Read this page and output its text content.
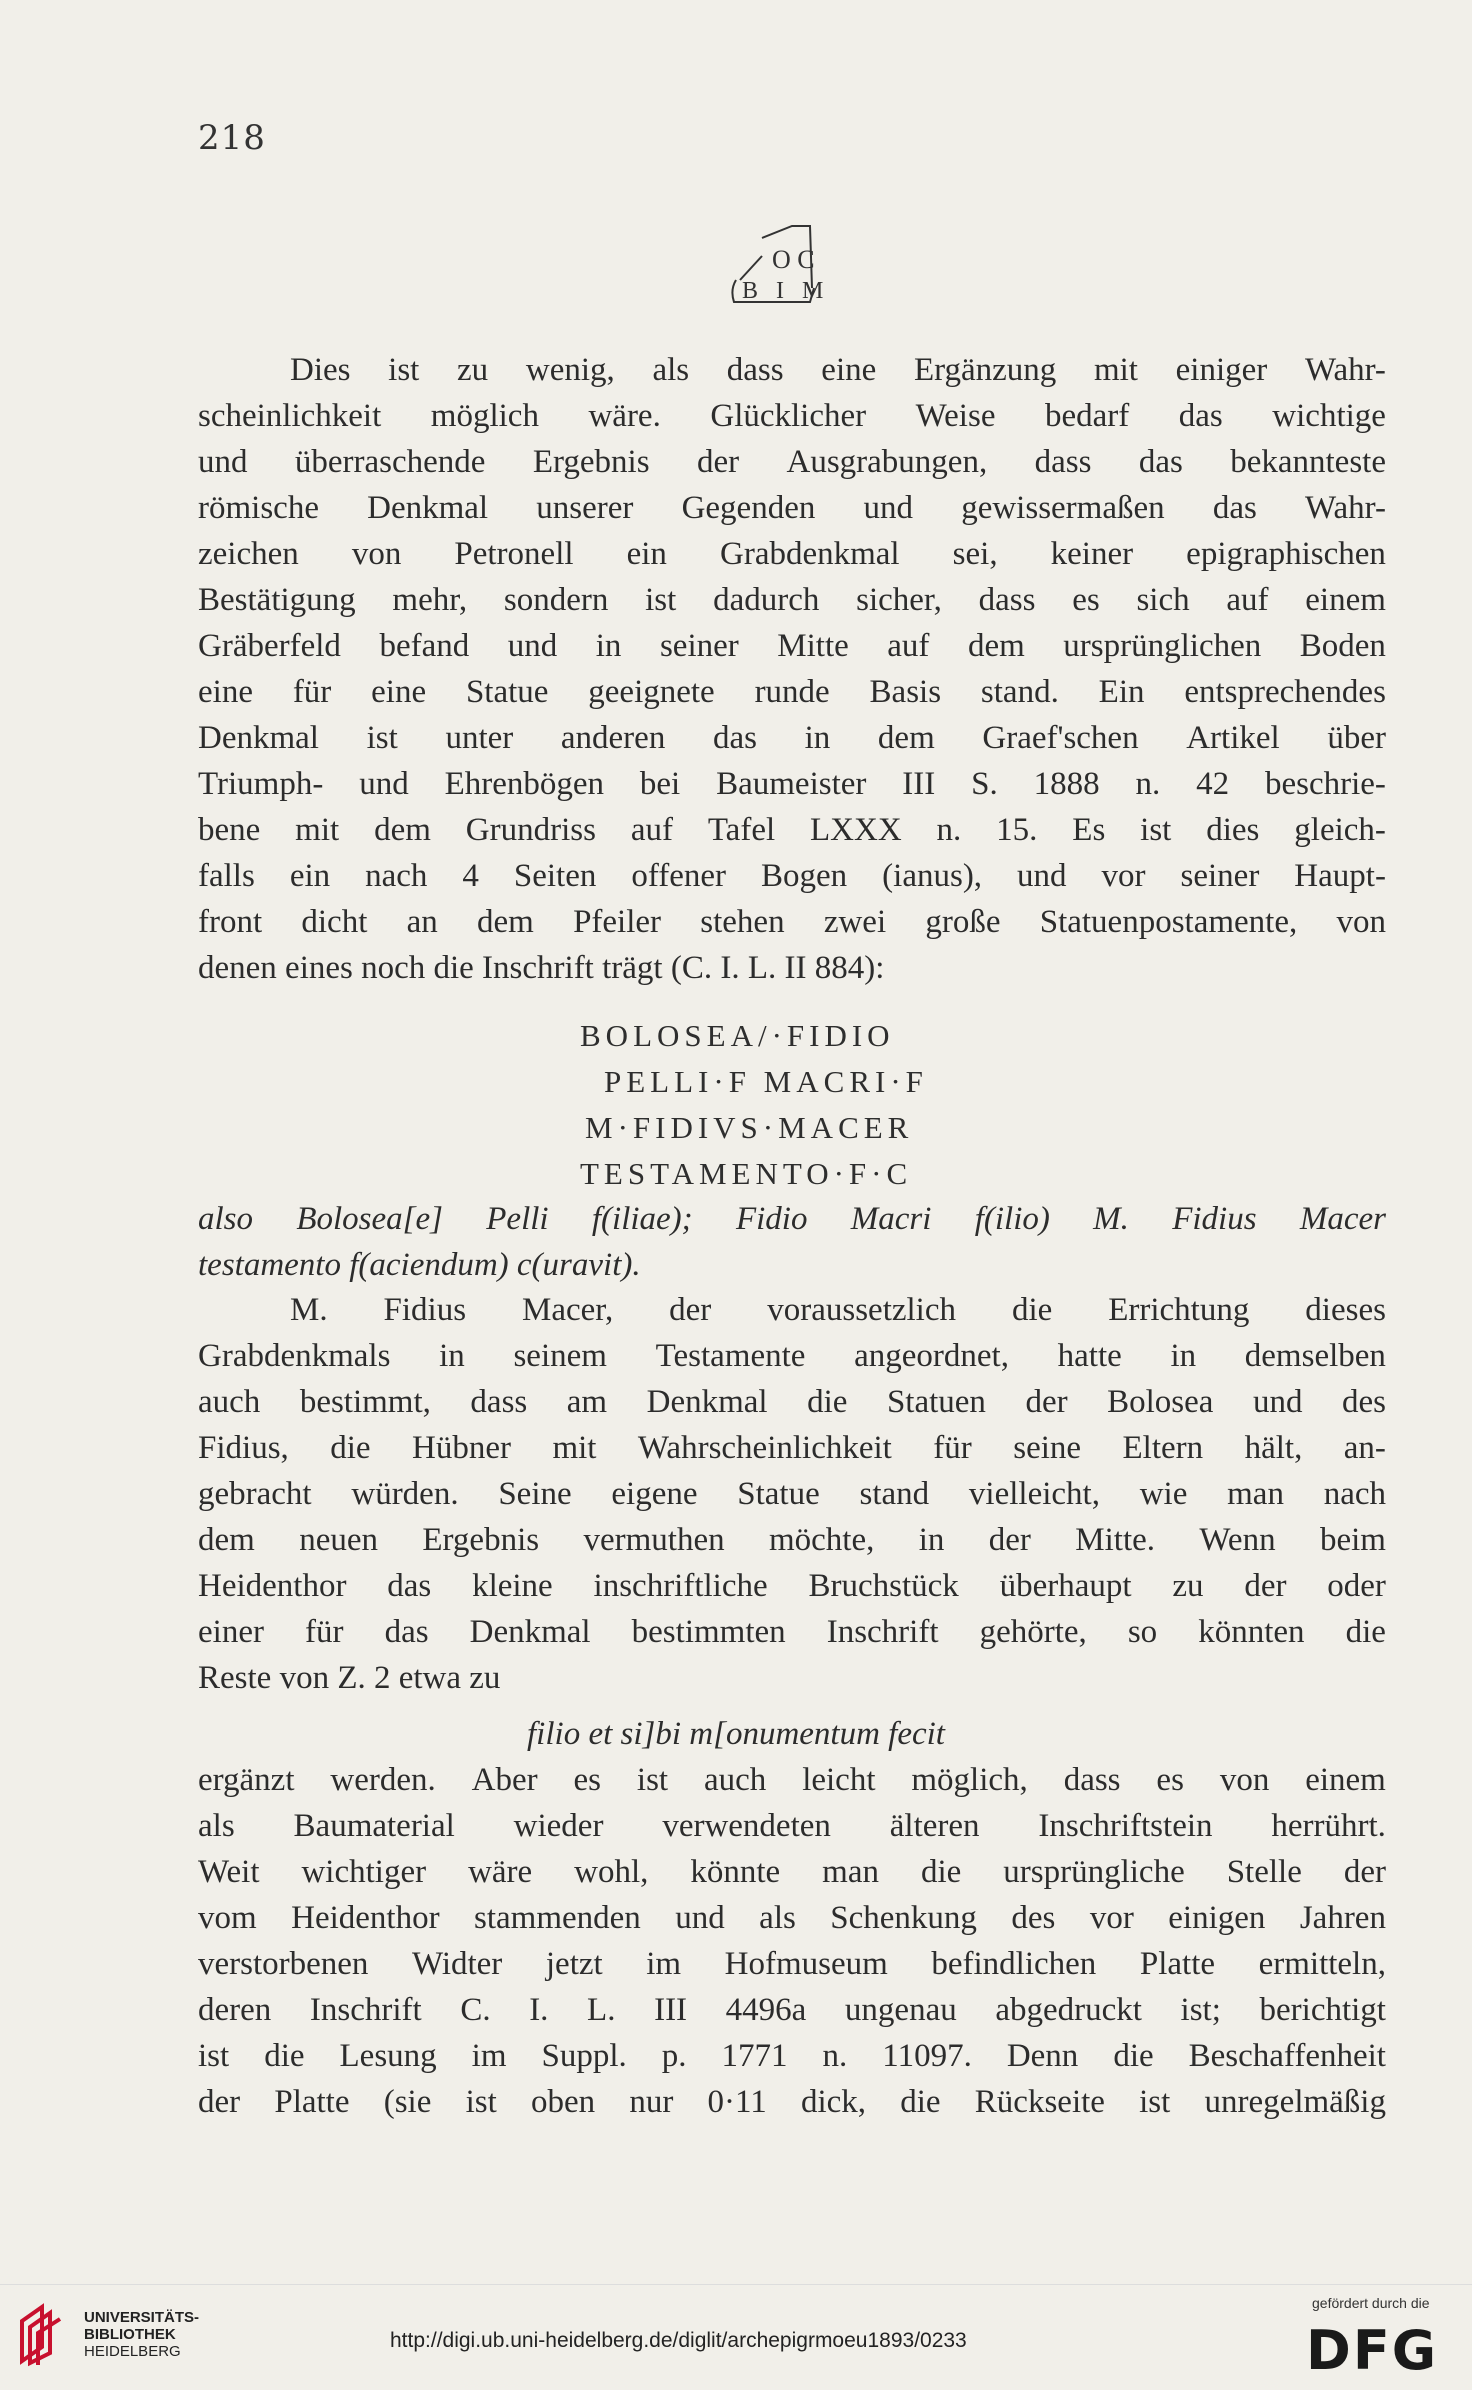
218
O C
B I M
Dies ist zu wenig, als dass eine Ergänzung mit einiger Wahr-
scheinlichkeit möglich wäre. Glücklicher Weise bedarf das wichtige
und überraschende Ergebnis der Ausgrabungen, dass das bekannteste
römische Denkmal unserer Gegenden und gewissermaßen das Wahr-
zeichen von Petronell ein Grabdenkmal sei, keiner epigraphischen
Bestätigung mehr, sondern ist dadurch sicher, dass es sich auf einem
Gräberfeld befand und in seiner Mitte auf dem ursprünglichen Boden
eine für eine Statue geeignete runde Basis stand. Ein entsprechendes
Denkmal ist unter anderen das in dem Graef'schen Artikel über
Triumph- und Ehrenbögen bei Baumeister III S. 1888 n. 42 beschrie-
bene mit dem Grundriss auf Tafel LXXX n. 15. Es ist dies gleich-
falls ein nach 4 Seiten offener Bogen (ianus), und vor seiner Haupt-
front dicht an dem Pfeiler stehen zwei große Statuenpostamente, von
denen eines noch die Inschrift trägt (C. I. L. II 884):
BOLOSEA/·FIDIO
PELLI·F MACRI·F
M·FIDIVS·MACER
TESTAMENTO·F·C
also Bolosea[e] Pelli f(iliae); Fidio Macri f(ilio) M. Fidius Macer
testamento f(aciendum) c(uravit).
M. Fidius Macer, der voraussetzlich die Errichtung dieses
Grabdenkmals in seinem Testamente angeordnet, hatte in demselben
auch bestimmt, dass am Denkmal die Statuen der Bolosea und des
Fidius, die Hübner mit Wahrscheinlichkeit für seine Eltern hält, an-
gebracht würden. Seine eigene Statue stand vielleicht, wie man nach
dem neuen Ergebnis vermuthen möchte, in der Mitte. Wenn beim
Heidenthor das kleine inschriftliche Bruchstück überhaupt zu der oder
einer für das Denkmal bestimmten Inschrift gehörte, so könnten die
Reste von Z. 2 etwa zu
filio et si]bi m[onumentum fecit
ergänzt werden. Aber es ist auch leicht möglich, dass es von einem
als Baumaterial wieder verwendeten älteren Inschriftstein herrührt.
Weit wichtiger wäre wohl, könnte man die ursprüngliche Stelle der
vom Heidenthor stammenden und als Schenkung des vor einigen Jahren
verstorbenen Widter jetzt im Hofmuseum befindlichen Platte ermitteln,
deren Inschrift C. I. L. III 4496a ungenau abgedruckt ist; berichtigt
ist die Lesung im Suppl. p. 1771 n. 11097. Denn die Beschaffenheit
der Platte (sie ist oben nur 0·11 dick, die Rückseite ist unregelmäßig
UNIVERSITÄTS-
BIBLIOTHEK
HEIDELBERG	http://digi.ub.uni-heidelberg.de/diglit/archepigrmoeu1893/0233
gefördert durch die
DFG
